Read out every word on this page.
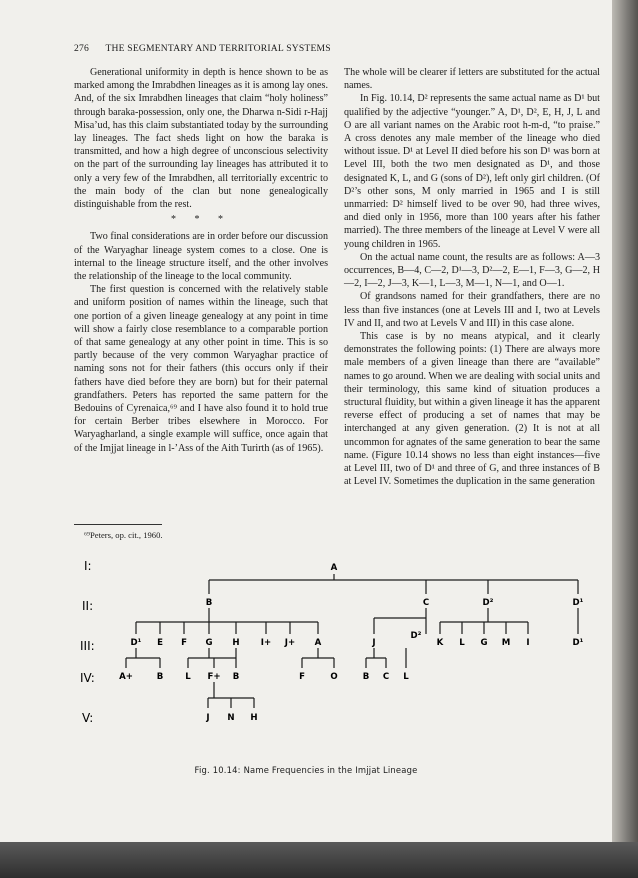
276 THE SEGMENTARY AND TERRITORIAL SYSTEMS

Generational uniformity in depth is hence shown to be as marked among the Imrabdhen lineages as it is among lay ones. And, of the six Imrabdhen lineages that claim “holy holiness” through baraka-possession, only one, the Dharwa n-Sidi r-Hajj Misa’ud, has this claim substantiated today by the surrounding lay lineages. The fact sheds light on how the baraka is transmitted, and how a high degree of unconscious selectivity on the part of the surrounding lay lineages has attributed it to only a very few of the Imrabdhen, all territorially excentric to the main body of the clan but none genealogically distinguishable from the rest.

* * *

Two final considerations are in order before our discussion of the Waryaghar lineage system comes to a close. One is internal to the lineage structure itself, and the other involves the relationship of the lineage to the local community.

The first question is concerned with the relatively stable and uniform position of names within the lineage, such that one portion of a given lineage genealogy at any point in time will show a fairly close resemblance to a comparable portion of that same genealogy at any other point in time. This is so partly because of the very common Waryaghar practice of naming sons not for their fathers (this occurs only if their fathers have died before they are born) but for their paternal grandfathers. Peters has reported the same pattern for the Bedouins of Cyrenaica,⁶⁹ and I have also found it to hold true for certain Berber tribes elsewhere in Morocco. For Waryagharland, a single example will suffice, once again that of the Imjjat lineage in l-’Ass of the Aith Turirth (as of 1965).

⁶⁹Peters, op. cit., 1960.

The whole will be clearer if letters are substituted for the actual names.

In Fig. 10.14, D² represents the same actual name as D¹ but qualified by the adjective “younger.” A, D¹, D², E, H, J, L and O are all variant names on the Arabic root h-m-d, “to praise.” A cross denotes any male member of the lineage who died without issue. D¹ at Level II died before his son D¹ was born at Level III, both the two men designated as D¹, and those designated K, L, and G (sons of D²), left only girl children. (Of D²’s other sons, M only married in 1965 and I is still unmarried: D² himself lived to be over 90, had three wives, and died only in 1956, more than 100 years after his father married). The three members of the lineage at Level V were all young children in 1965.

On the actual name count, the results are as follows: A—3 occurrences, B—4, C—2, D¹—3, D²—2, E—1, F—3, G—2, H—2, I—2, J—3, K—1, L—3, M—1, N—1, and O—1.

Of grandsons named for their grandfathers, there are no less than five instances (one at Levels III and I, two at Levels IV and II, and two at Levels V and III) in this case alone.

This case is by no means atypical, and it clearly demonstrates the following points: (1) There are always more male members of a given lineage than there are “available” names to go around. When we are dealing with social units and their terminology, this same kind of situation produces a structural fluidity, but within a given lineage it has the apparent reverse effect of producing a set of names that may be interchanged at any given generation. (2) It is not at all uncommon for agnates of the same generation to bear the same name. (Figure 10.14 shows no less than eight instances—five at Level III, two of D¹ and three of G, and three instances of B at Level IV. Sometimes the duplication in the same generation

I:
II:
III:
IV:
V:
A
B	C	D²	D¹
D¹ E F G H I+ J+ A	J
D²
K L G M I	D¹
A+	B	L F+ B	F	O	B C L
J N H
Fig. 10.14: Name Frequencies in the Imjjat Lineage
